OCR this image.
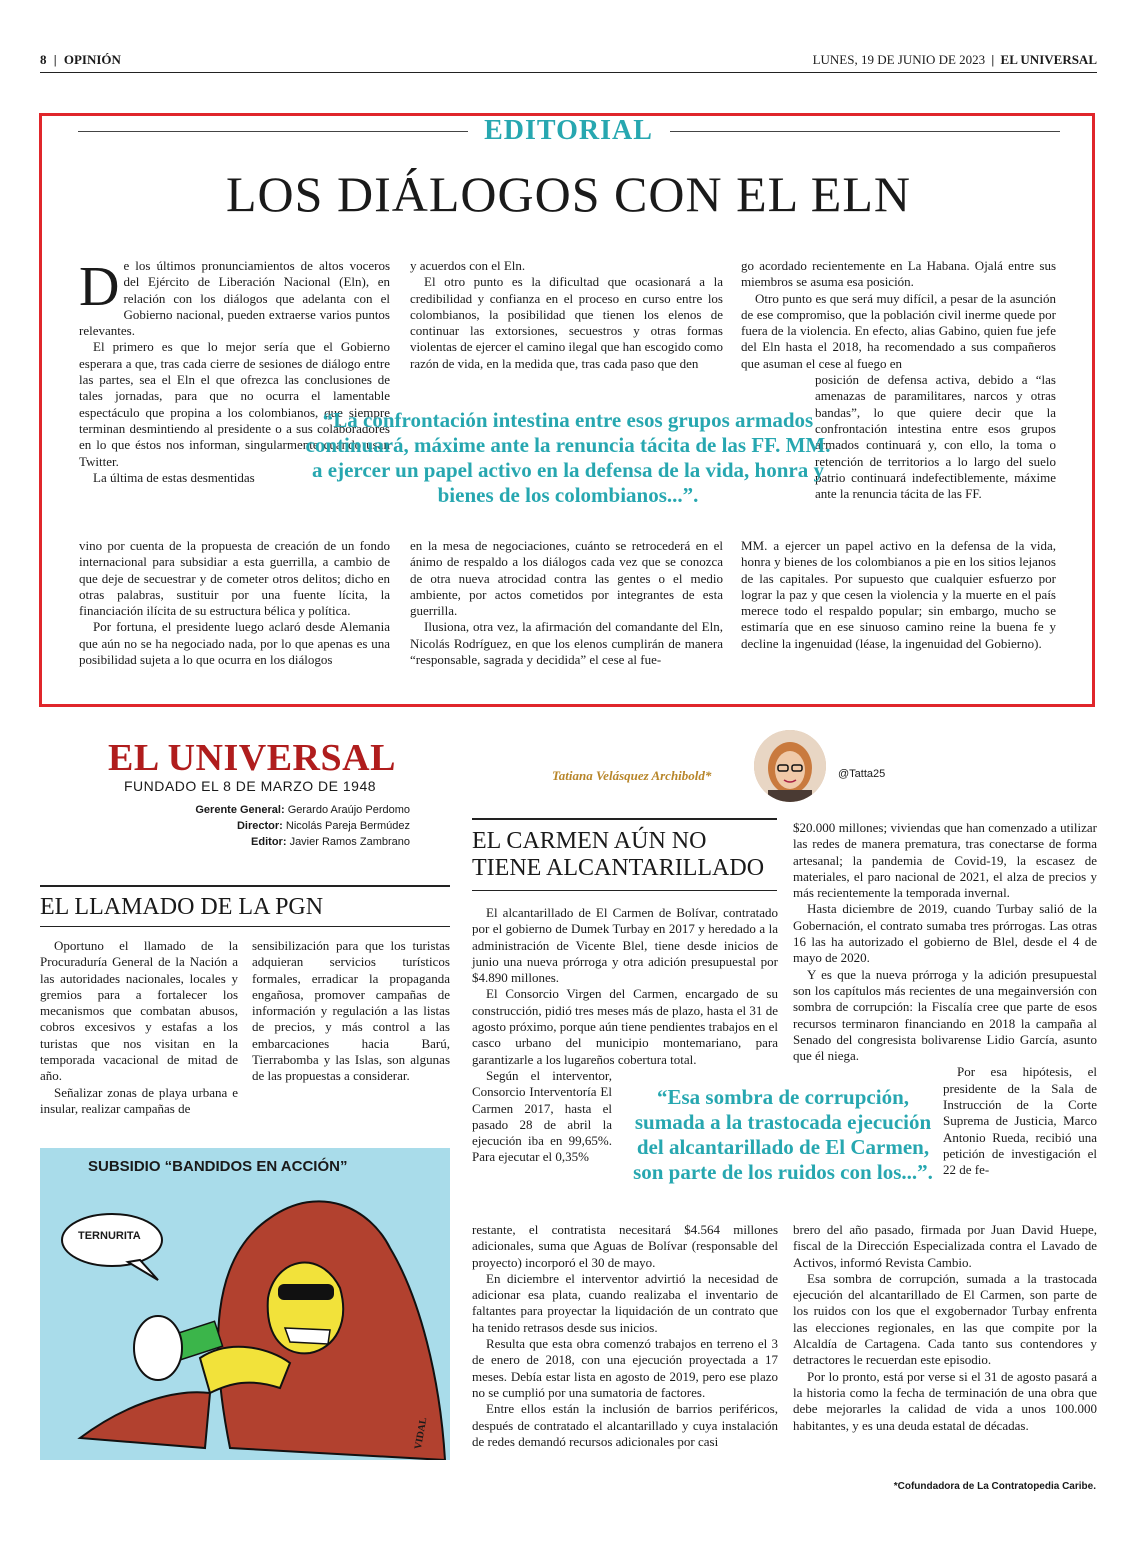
8 | OPINIÓN	LUNES, 19 DE JUNIO DE 2023 | EL UNIVERSAL
EDITORIAL
LOS DIÁLOGOS CON EL ELN
D e los últimos pronunciamientos de altos voceros del Ejército de Liberación Nacional (Eln), en relación con los diálogos que adelanta con el Gobierno nacional, pueden extraerse varios puntos relevantes.

El primero es que lo mejor sería que el Gobierno esperara a que, tras cada cierre de sesiones de diálogo entre las partes, sea el Eln el que ofrezca las conclusiones de tales jornadas, para que no ocurra el lamentable espectáculo que propina a los colombianos, que siempre terminan desmintiendo al presidente o a sus colaboradores en lo que éstos nos informan, singularmente cuando usan Twitter.

La última de estas desmentidas

vino por cuenta de la propuesta de creación de un fondo internacional para subsidiar a esta guerrilla, a cambio de que deje de secuestrar y de cometer otros delitos; dicho en otras palabras, sustituir por una fuente lícita, la financiación ilícita de su estructura bélica y política.

Por fortuna, el presidente luego aclaró desde Alemania que aún no se ha negociado nada, por lo que apenas es una posibilidad sujeta a lo que ocurra en los diálogos

y acuerdos con el Eln.

El otro punto es la dificultad que ocasionará a la credibilidad y confianza en el proceso en curso entre los colombianos, la posibilidad que tienen los elenos de continuar las extorsiones, secuestros y otras formas violentas de ejercer el camino ilegal que han escogido como razón de vida, en la medida que, tras cada paso que den

en la mesa de negociaciones, cuánto se retrocederá en el ánimo de respaldo a los diálogos cada vez que se conozca de otra nueva atrocidad contra las gentes o el medio ambiente, por actos cometidos por integrantes de esta guerrilla.

Ilusiona, otra vez, la afirmación del comandante del Eln, Nicolás Rodríguez, en que los elenos cumplirán de manera “responsable, sagrada y decidida” el cese al fue-

go acordado recientemente en La Habana. Ojalá entre sus miembros se asuma esa posición.

Otro punto es que será muy difícil, a pesar de la asunción de ese compromiso, que la población civil inerme quede por fuera de la violencia. En efecto, alias Gabino, quien fue jefe del Eln hasta el 2018, ha recomendado a sus compañeros que asuman el cese al fuego en

posición de defensa activa, debido a “las amenazas de paramilitares, narcos y otras bandas”, lo que quiere decir que la confrontación intestina entre esos grupos armados continuará y, con ello, la toma o retención de territorios a lo largo del suelo patrio continuará indefectiblemente, máxime ante la renuncia tácita de las FF.

MM. a ejercer un papel activo en la defensa de la vida, honra y bienes de los colombianos a pie en los sitios lejanos de las capitales. Por supuesto que cualquier esfuerzo por lograr la paz y que cesen la violencia y la muerte en el país merece todo el respaldo popular; sin embargo, mucho se estimaría que en ese sinuoso camino reine la buena fe y decline la ingenuidad (léase, la ingenuidad del Gobierno).

“La confrontación intestina entre esos grupos armados continuará, máxime ante la renuncia tácita de las FF. MM. a ejercer un papel activo en la defensa de la vida, honra y bienes de los colombianos...”.
EL UNIVERSAL
FUNDADO EL 8 DE MARZO DE 1948
Gerente General: Gerardo Araújo Perdomo
Director: Nicolás Pareja Bermúdez
Editor: Javier Ramos Zambrano
EL LLAMADO DE LA PGN

Oportuno el llamado de la Procuraduría General de la Nación a las autoridades nacionales, locales y gremios para a fortalecer los mecanismos que combatan abusos, cobros excesivos y estafas a los turistas que nos visitan en la temporada vacacional de mitad de año.

Señalizar zonas de playa urbana e insular, realizar campañas de

sensibilización para que los turistas adquieran servicios turísticos formales, erradicar la propaganda engañosa, promover campañas de información y regulación a las listas de precios, y más control a las embarcaciones hacia Barú, Tierrabomba y las Islas, son algunas de las propuestas a considerar.

SUBSIDIO “BANDIDOS EN ACCIÓN”
TERNURITA
VIDAL
Tatiana Velásquez Archibold*	@Tatta25
EL CARMEN AÚN NO TIENE ALCANTARILLADO

El alcantarillado de El Carmen de Bolívar, contratado por el gobierno de Dumek Turbay en 2017 y heredado a la administración de Vicente Blel, tiene desde inicios de junio una nueva prórroga y otra adición presupuestal por $4.890 millones.

El Consorcio Virgen del Carmen, encargado de su construcción, pidió tres meses más de plazo, hasta el 31 de agosto próximo, porque aún tiene pendientes trabajos en el casco urbano del municipio montemariano, para garantizarle a los lugareños cobertura total.

Según el interventor, Consorcio Interventoría El Carmen 2017, hasta el pasado 28 de abril la ejecución iba en 99,65%. Para ejecutar el 0,35%

restante, el contratista necesitará $4.564 millones adicionales, suma que Aguas de Bolívar (responsable del proyecto) incorporó el 30 de mayo.

En diciembre el interventor advirtió la necesidad de adicionar esa plata, cuando realizaba el inventario de faltantes para proyectar la liquidación de un contrato que ha tenido retrasos desde sus inicios.

Resulta que esta obra comenzó trabajos en terreno el 3 de enero de 2018, con una ejecución proyectada a 17 meses. Debía estar lista en agosto de 2019, pero ese plazo no se cumplió por una sumatoria de factores.

Entre ellos están la inclusión de barrios periféricos, después de contratado el alcantarillado y cuya instalación de redes demandó recursos adicionales por casi

$20.000 millones; viviendas que han comenzado a utilizar las redes de manera prematura, tras conectarse de forma artesanal; la pandemia de Covid-19, la escasez de materiales, el paro nacional de 2021, el alza de precios y más recientemente la temporada invernal.

Hasta diciembre de 2019, cuando Turbay salió de la Gobernación, el contrato sumaba tres prórrogas. Las otras 16 las ha autorizado el gobierno de Blel, desde el 4 de mayo de 2020.

Y es que la nueva prórroga y la adición presupuestal son los capítulos más recientes de una megainversión con sombra de corrupción: la Fiscalía cree que parte de esos recursos terminaron financiando en 2018 la campaña al Senado del congresista bolivarense Lidio García, asunto que él niega.

Por esa hipótesis, el presidente de la Sala de Instrucción de la Corte Suprema de Justicia, Marco Antonio Rueda, recibió una petición de investigación el 22 de fe-

brero del año pasado, firmada por Juan David Huepe, fiscal de la Dirección Especializada contra el Lavado de Activos, informó Revista Cambio.

Esa sombra de corrupción, sumada a la trastocada ejecución del alcantarillado de El Carmen, son parte de los ruidos con los que el exgobernador Turbay enfrenta las elecciones regionales, en las que compite por la Alcaldía de Cartagena. Cada tanto sus contendores y detractores le recuerdan este episodio.

Por lo pronto, está por verse si el 31 de agosto pasará a la historia como la fecha de terminación de una obra que debe mejorarles la calidad de vida a unos 100.000 habitantes, y es una deuda estatal de décadas.

“Esa sombra de corrupción, sumada a la trastocada ejecución del alcantarillado de El Carmen, son parte de los ruidos con los...”.
*Cofundadora de La Contratopedia Caribe.
